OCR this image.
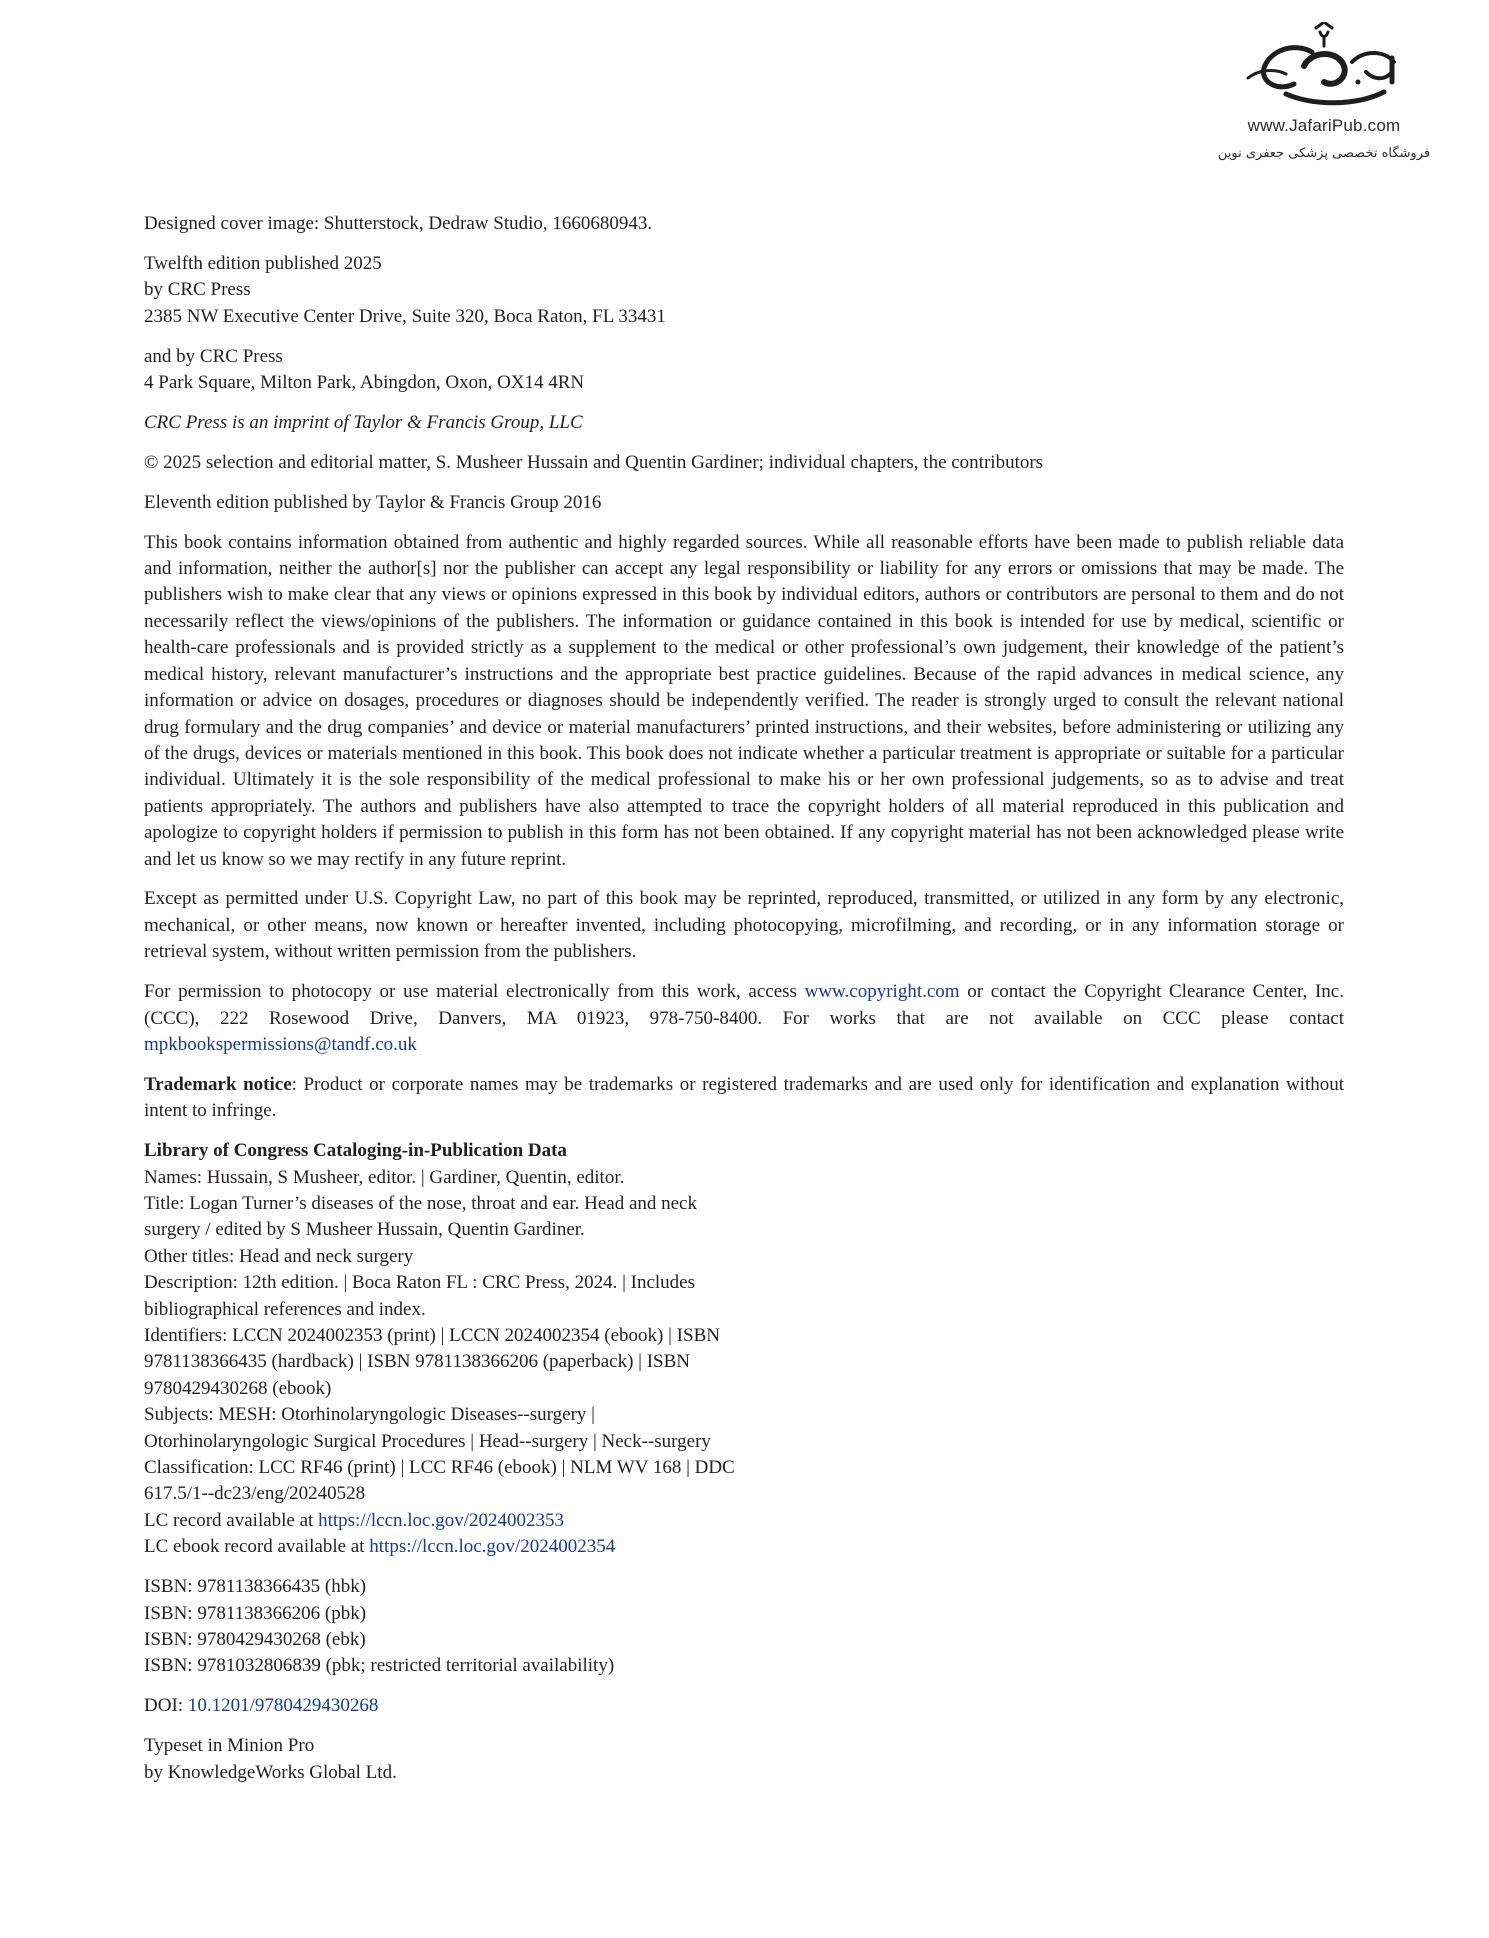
www.JafariPub.com
فروشگاه تخصصی پزشکی جعفری نوین

Designed cover image: Shutterstock, Dedraw Studio, 1660680943.

Twelfth edition published 2025
by CRC Press
2385 NW Executive Center Drive, Suite 320, Boca Raton, FL 33431

and by CRC Press
4 Park Square, Milton Park, Abingdon, Oxon, OX14 4RN

CRC Press is an imprint of Taylor & Francis Group, LLC

© 2025 selection and editorial matter, S. Musheer Hussain and Quentin Gardiner; individual chapters, the contributors

Eleventh edition published by Taylor & Francis Group 2016

This book contains information obtained from authentic and highly regarded sources. While all reasonable efforts have been made to publish reliable data and information, neither the author[s] nor the publisher can accept any legal responsibility or liability for any errors or omissions that may be made. The publishers wish to make clear that any views or opinions expressed in this book by individual editors, authors or contributors are personal to them and do not necessarily reflect the views/opinions of the publishers. The information or guidance contained in this book is intended for use by medical, scientific or health-care professionals and is provided strictly as a supplement to the medical or other professional’s own judgement, their knowledge of the patient’s medical history, relevant manufacturer’s instructions and the appropriate best practice guidelines. Because of the rapid advances in medical science, any information or advice on dosages, procedures or diagnoses should be independently verified. The reader is strongly urged to consult the relevant national drug formulary and the drug companies’ and device or material manufacturers’ printed instructions, and their websites, before administering or utilizing any of the drugs, devices or materials mentioned in this book. This book does not indicate whether a particular treatment is appropriate or suitable for a particular individual. Ultimately it is the sole responsibility of the medical professional to make his or her own professional judgements, so as to advise and treat patients appropriately. The authors and publishers have also attempted to trace the copyright holders of all material reproduced in this publication and apologize to copyright holders if permission to publish in this form has not been obtained. If any copyright material has not been acknowledged please write and let us know so we may rectify in any future reprint.

Except as permitted under U.S. Copyright Law, no part of this book may be reprinted, reproduced, transmitted, or utilized in any form by any electronic, mechanical, or other means, now known or hereafter invented, including photocopying, microfilming, and recording, or in any information storage or retrieval system, without written permission from the publishers.

For permission to photocopy or use material electronically from this work, access www.copyright.com or contact the Copyright Clearance Center, Inc. (CCC), 222 Rosewood Drive, Danvers, MA 01923, 978-750-8400. For works that are not available on CCC please contact mpkbookspermissions@tandf.co.uk

Trademark notice: Product or corporate names may be trademarks or registered trademarks and are used only for identification and explanation without intent to infringe.

Library of Congress Cataloging-in-Publication Data
Names: Hussain, S Musheer, editor. | Gardiner, Quentin, editor.
Title: Logan Turner’s diseases of the nose, throat and ear. Head and neck
surgery / edited by S Musheer Hussain, Quentin Gardiner.
Other titles: Head and neck surgery
Description: 12th edition. | Boca Raton FL : CRC Press, 2024. | Includes
bibliographical references and index.
Identifiers: LCCN 2024002353 (print) | LCCN 2024002354 (ebook) | ISBN
9781138366435 (hardback) | ISBN 9781138366206 (paperback) | ISBN
9780429430268 (ebook)
Subjects: MESH: Otorhinolaryngologic Diseases--surgery |
Otorhinolaryngologic Surgical Procedures | Head--surgery | Neck--surgery
Classification: LCC RF46 (print) | LCC RF46 (ebook) | NLM WV 168 | DDC
617.5/1--dc23/eng/20240528
LC record available at https://lccn.loc.gov/2024002353
LC ebook record available at https://lccn.loc.gov/2024002354

ISBN: 9781138366435 (hbk)
ISBN: 9781138366206 (pbk)
ISBN: 9780429430268 (ebk)
ISBN: 9781032806839 (pbk; restricted territorial availability)

DOI: 10.1201/9780429430268

Typeset in Minion Pro
by KnowledgeWorks Global Ltd.
